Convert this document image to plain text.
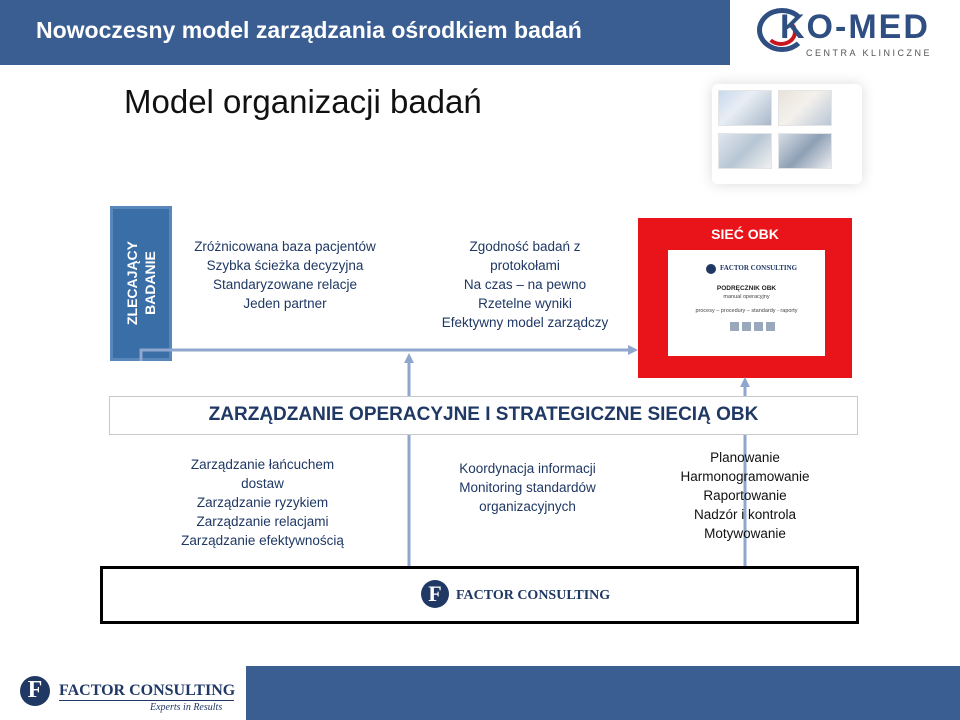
Nowoczesny model zarządzania ośrodkiem badań	KO-MED
CENTRA KLINICZNE
Model organizacji badań
ZLECAJĄCY BADANIE
Zróżnicowana baza pacjentów
Szybka ścieżka decyzyjna
Standaryzowane relacje
Jeden partner
Zgodność badań z
protokołami
Na czas – na pewno
Rzetelne wyniki
Efektywny model zarządczy
SIEĆ OBK
FACTOR CONSULTING
PODRĘCZNIK OBK
manual operacyjny
procesy – procedury – standardy - raporty
ZARZĄDZANIE OPERACYJNE I STRATEGICZNE SIECIĄ OBK
Zarządzanie łańcuchem
dostaw
Zarządzanie ryzykiem
Zarządzanie relacjami
Zarządzanie efektywnością
Koordynacja informacji
Monitoring standardów
organizacyjnych
Planowanie
Harmonogramowanie
Raportowanie
Nadzór i kontrola
Motywowanie
F	FACTOR CONSULTING
F	FACTOR CONSULTING
Experts in Results
